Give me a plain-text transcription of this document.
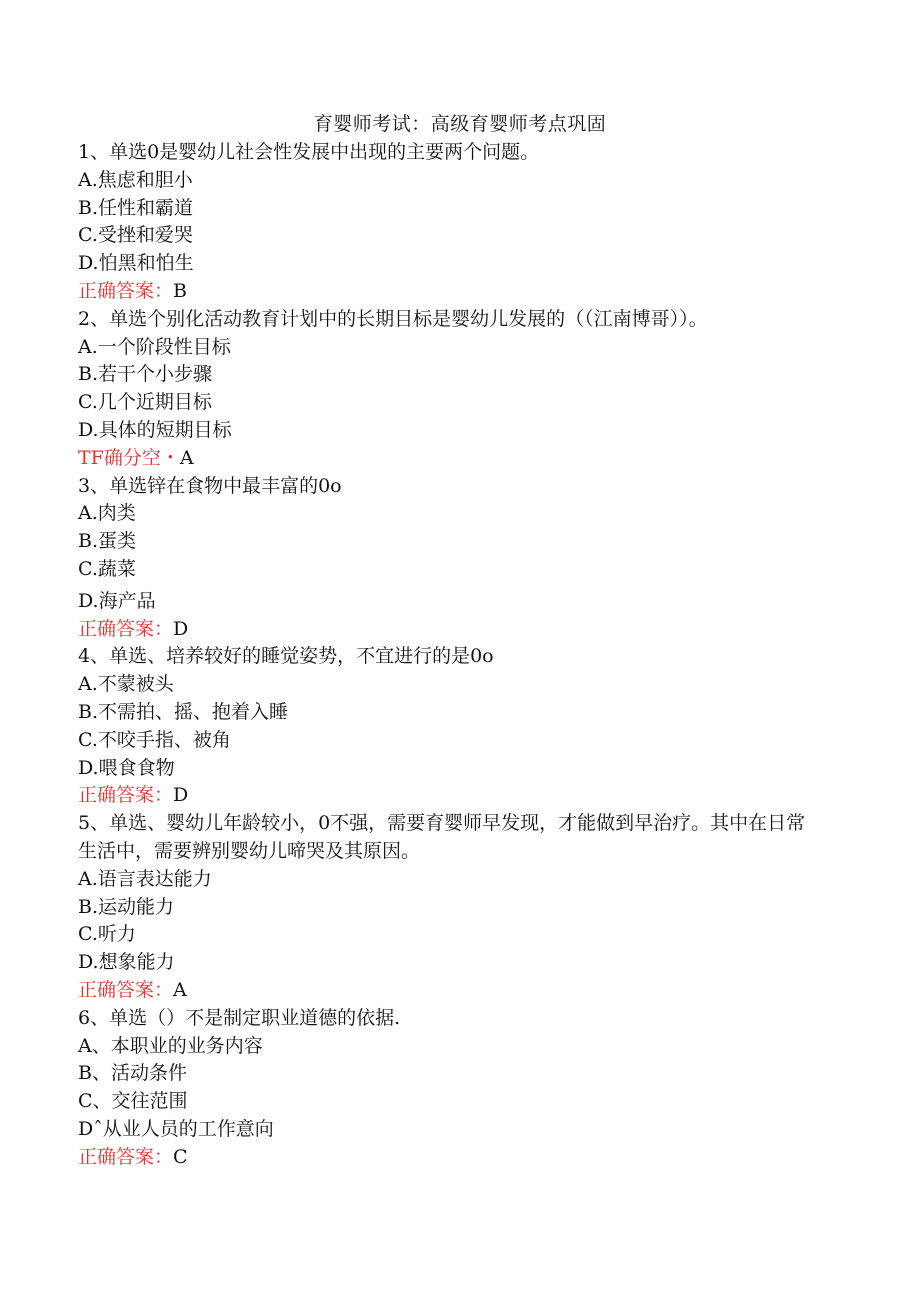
育婴师考试：高级育婴师考点巩固
1、单选0是婴幼儿社会性发展中出现的主要两个问题。
A.焦虑和胆小
B.任性和霸道
C.受挫和爱哭
D.怕黑和怕生
正确答案：B
2、单选个别化活动教育计划中的长期目标是婴幼儿发展的（（江南博哥））。
A.一个阶段性目标
B.若干个小步骤
C.几个近期目标
D.具体的短期目标
TF确分空・A
3、单选锌在食物中最丰富的0o
A.肉类
B.蛋类
C.蔬菜
D.海产品
正确答案：D
4、单选、培养较好的睡觉姿势，不宜进行的是0o
A.不蒙被头
B.不需拍、摇、抱着入睡
C.不咬手指、被角
D.喂食食物
正确答案：D
5、单选、婴幼儿年龄较小，0不强，需要育婴师早发现，才能做到早治疗。其中在日常生活中，需要辨别婴幼儿啼哭及其原因。
A.语言表达能力
B.运动能力
C.听力
D.想象能力
正确答案：A
6、单选（）不是制定职业道德的依据.
A、本职业的业务内容
B、活动条件
C、交往范围
Dˆ从业人员的工作意向
正确答案：C
